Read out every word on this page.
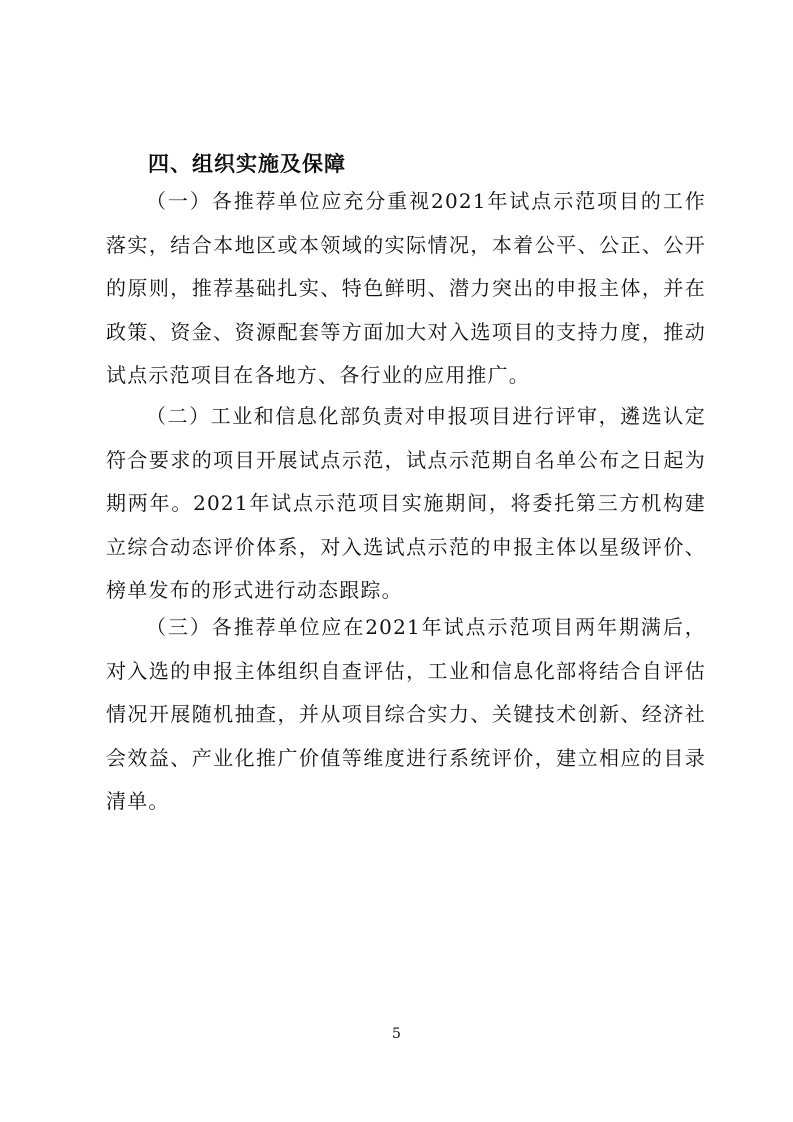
四、组织实施及保障

（一）各推荐单位应充分重视2021年试点示范项目的工作落实，结合本地区或本领域的实际情况，本着公平、公正、公开的原则，推荐基础扎实、特色鲜明、潜力突出的申报主体，并在政策、资金、资源配套等方面加大对入选项目的支持力度，推动试点示范项目在各地方、各行业的应用推广。

（二）工业和信息化部负责对申报项目进行评审，遴选认定符合要求的项目开展试点示范，试点示范期自名单公布之日起为期两年。2021年试点示范项目实施期间，将委托第三方机构建立综合动态评价体系，对入选试点示范的申报主体以星级评价、榜单发布的形式进行动态跟踪。

（三）各推荐单位应在2021年试点示范项目两年期满后，对入选的申报主体组织自查评估，工业和信息化部将结合自评估情况开展随机抽查，并从项目综合实力、关键技术创新、经济社会效益、产业化推广价值等维度进行系统评价，建立相应的目录清单。

5
